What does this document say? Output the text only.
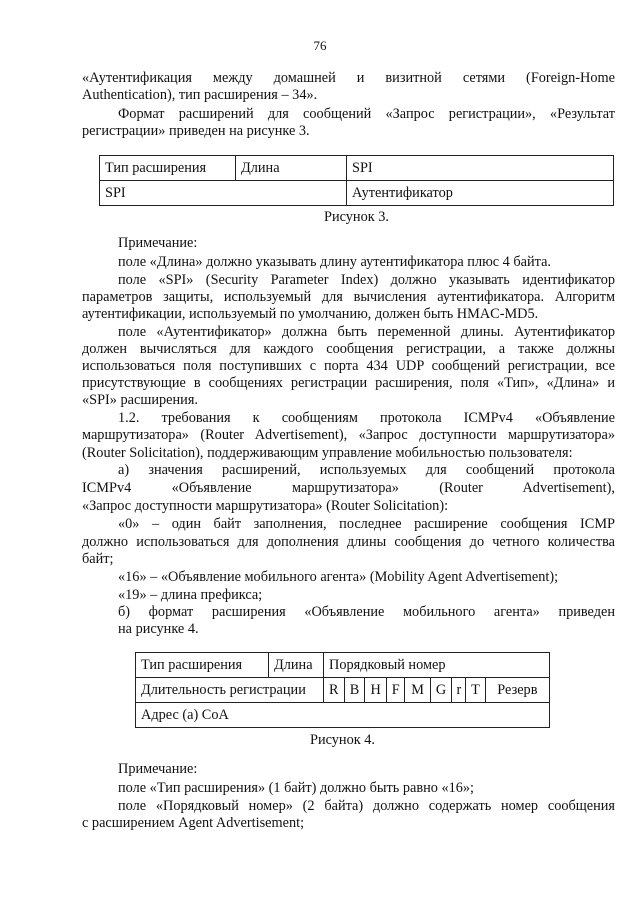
76
«Аутентификация между домашней и визитной сетями (Foreign-Home
Authentication), тип расширения – 34».
Формат расширений для сообщений «Запрос регистрации», «Результат
регистрации» приведен на рисунке 3.
Тип расширения	Длина	SPI
SPI		Аутентификатор
Рисунок 3.
Примечание:
поле «Длина» должно указывать длину аутентификатора плюс 4 байта.
поле «SPI» (Security Parameter Index) должно указывать идентификатор
параметров защиты, используемый для вычисления аутентификатора. Алгоритм
аутентификации, используемый по умолчанию, должен быть HMAC-MD5.
поле «Аутентификатор» должна быть переменной длины. Аутентификатор
должен вычисляться для каждого сообщения регистрации, а также должны
использоваться поля поступивших с порта 434 UDP сообщений регистрации, все
присутствующие в сообщениях регистрации расширения, поля «Тип», «Длина» и
«SPI» расширения.
1.2. требования к сообщениям протокола ICMPv4 «Объявление
маршрутизатора» (Router Advertisement), «Запрос доступности маршрутизатора»
(Router Solicitation), поддерживающим управление мобильностью пользователя:
а) значения расширений, используемых для сообщений протокола
ICMPv4 «Объявление маршрутизатора» (Router Advertisement),
«Запрос доступности маршрутизатора» (Router Solicitation):
«0» – один байт заполнения, последнее расширение сообщения ICMP
должно использоваться для дополнения длины сообщения до четного количества
байт;
«16» – «Объявление мобильного агента» (Mobility Agent Advertisement);
«19» – длина префикса;
б) формат расширения «Объявление мобильного агента» приведен
на рисунке 4.
Тип расширения	Длина	Порядковый номер								
Длительность регистрации		R	B	H	F	M	G	r	T	Резерв
Адрес (а) CoA										
Рисунок 4.
Примечание:
поле «Тип расширения» (1 байт) должно быть равно «16»;
поле «Порядковый номер» (2 байта) должно содержать номер сообщения
с расширением Agent Advertisement;
